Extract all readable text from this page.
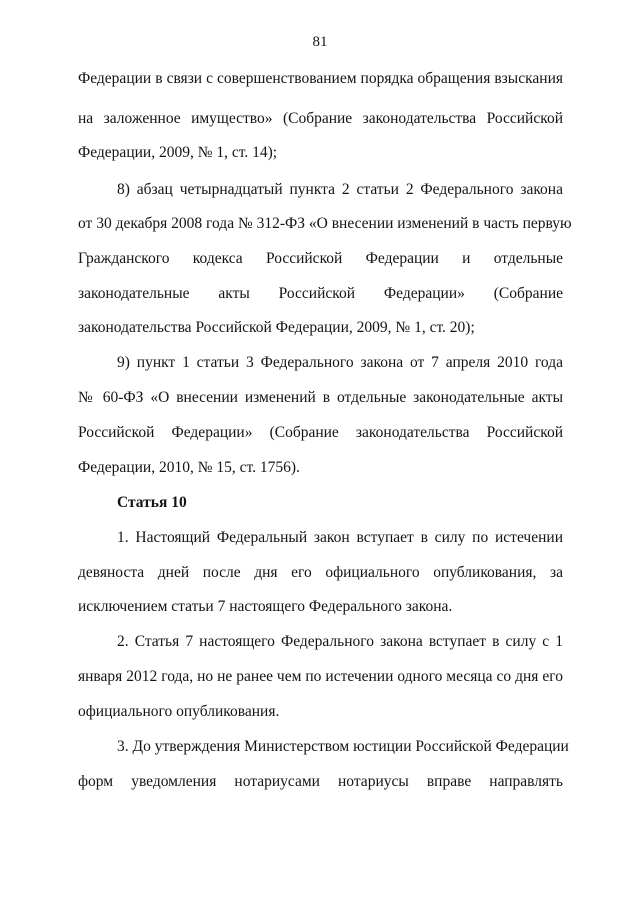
81
Федерации в связи с совершенствованием порядка обращения взыскания
на заложенное имущество» (Собрание законодательства Российской
Федерации, 2009, № 1, ст. 14);
8) абзац четырнадцатый пункта 2 статьи 2 Федерального закона
от 30 декабря 2008 года № 312-ФЗ «О внесении изменений в часть первую
Гражданского кодекса Российской Федерации и отдельные
законодательные акты Российской Федерации» (Собрание
законодательства Российской Федерации, 2009, № 1, ст. 20);
9) пункт 1 статьи 3 Федерального закона от 7 апреля 2010 года
№ 60-ФЗ «О внесении изменений в отдельные законодательные акты
Российской Федерации» (Собрание законодательства Российской
Федерации, 2010, № 15, ст. 1756).
Статья 10
1. Настоящий Федеральный закон вступает в силу по истечении
девяноста дней после дня его официального опубликования, за
исключением статьи 7 настоящего Федерального закона.
2. Статья 7 настоящего Федерального закона вступает в силу с 1
января 2012 года, но не ранее чем по истечении одного месяца со дня его
официального опубликования.
3. До утверждения Министерством юстиции Российской Федерации
форм уведомления нотариусами нотариусы вправе направлять
